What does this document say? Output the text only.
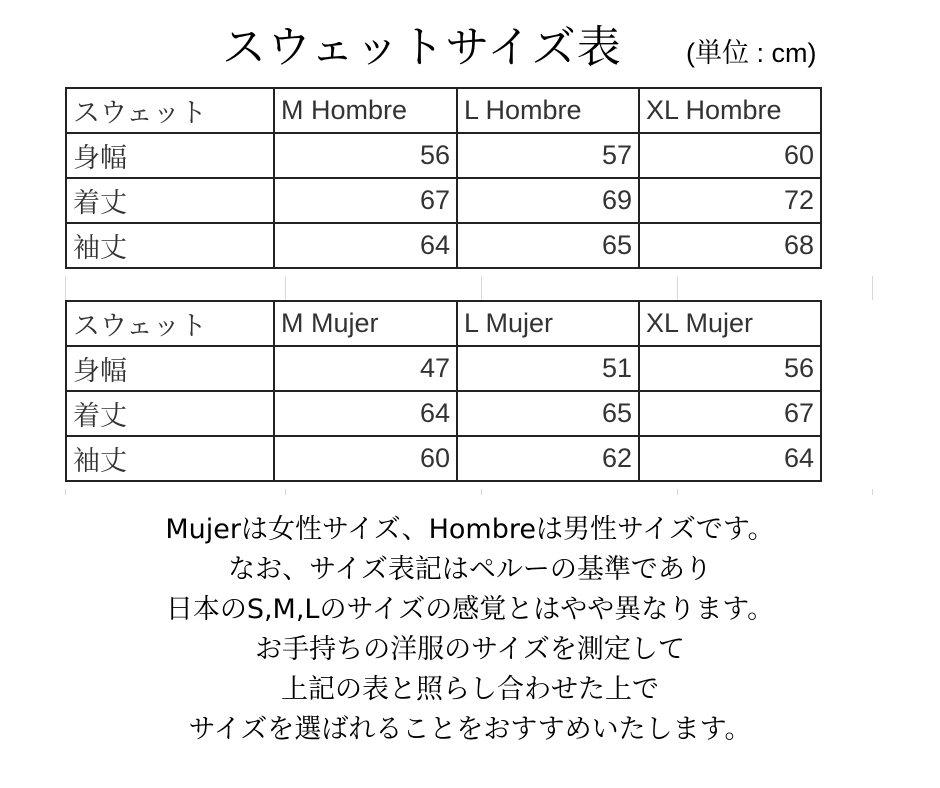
スウェットサイズ表 (単位 : cm)
スウェット	M Hombre	L Hombre	XL Hombre
身幅	56	57	60
着丈	67	69	72
袖丈	64	65	68
スウェット	M Mujer	L Mujer	XL Mujer
身幅	47	51	56
着丈	64	65	67
袖丈	60	62	64
Mujerは女性サイズ、Hombreは男性サイズです。
なお、サイズ表記はペルーの基準であり
日本のS,M,Lのサイズの感覚とはやや異なります。
お手持ちの洋服のサイズを測定して
上記の表と照らし合わせた上で
サイズを選ばれることをおすすめいたします。
